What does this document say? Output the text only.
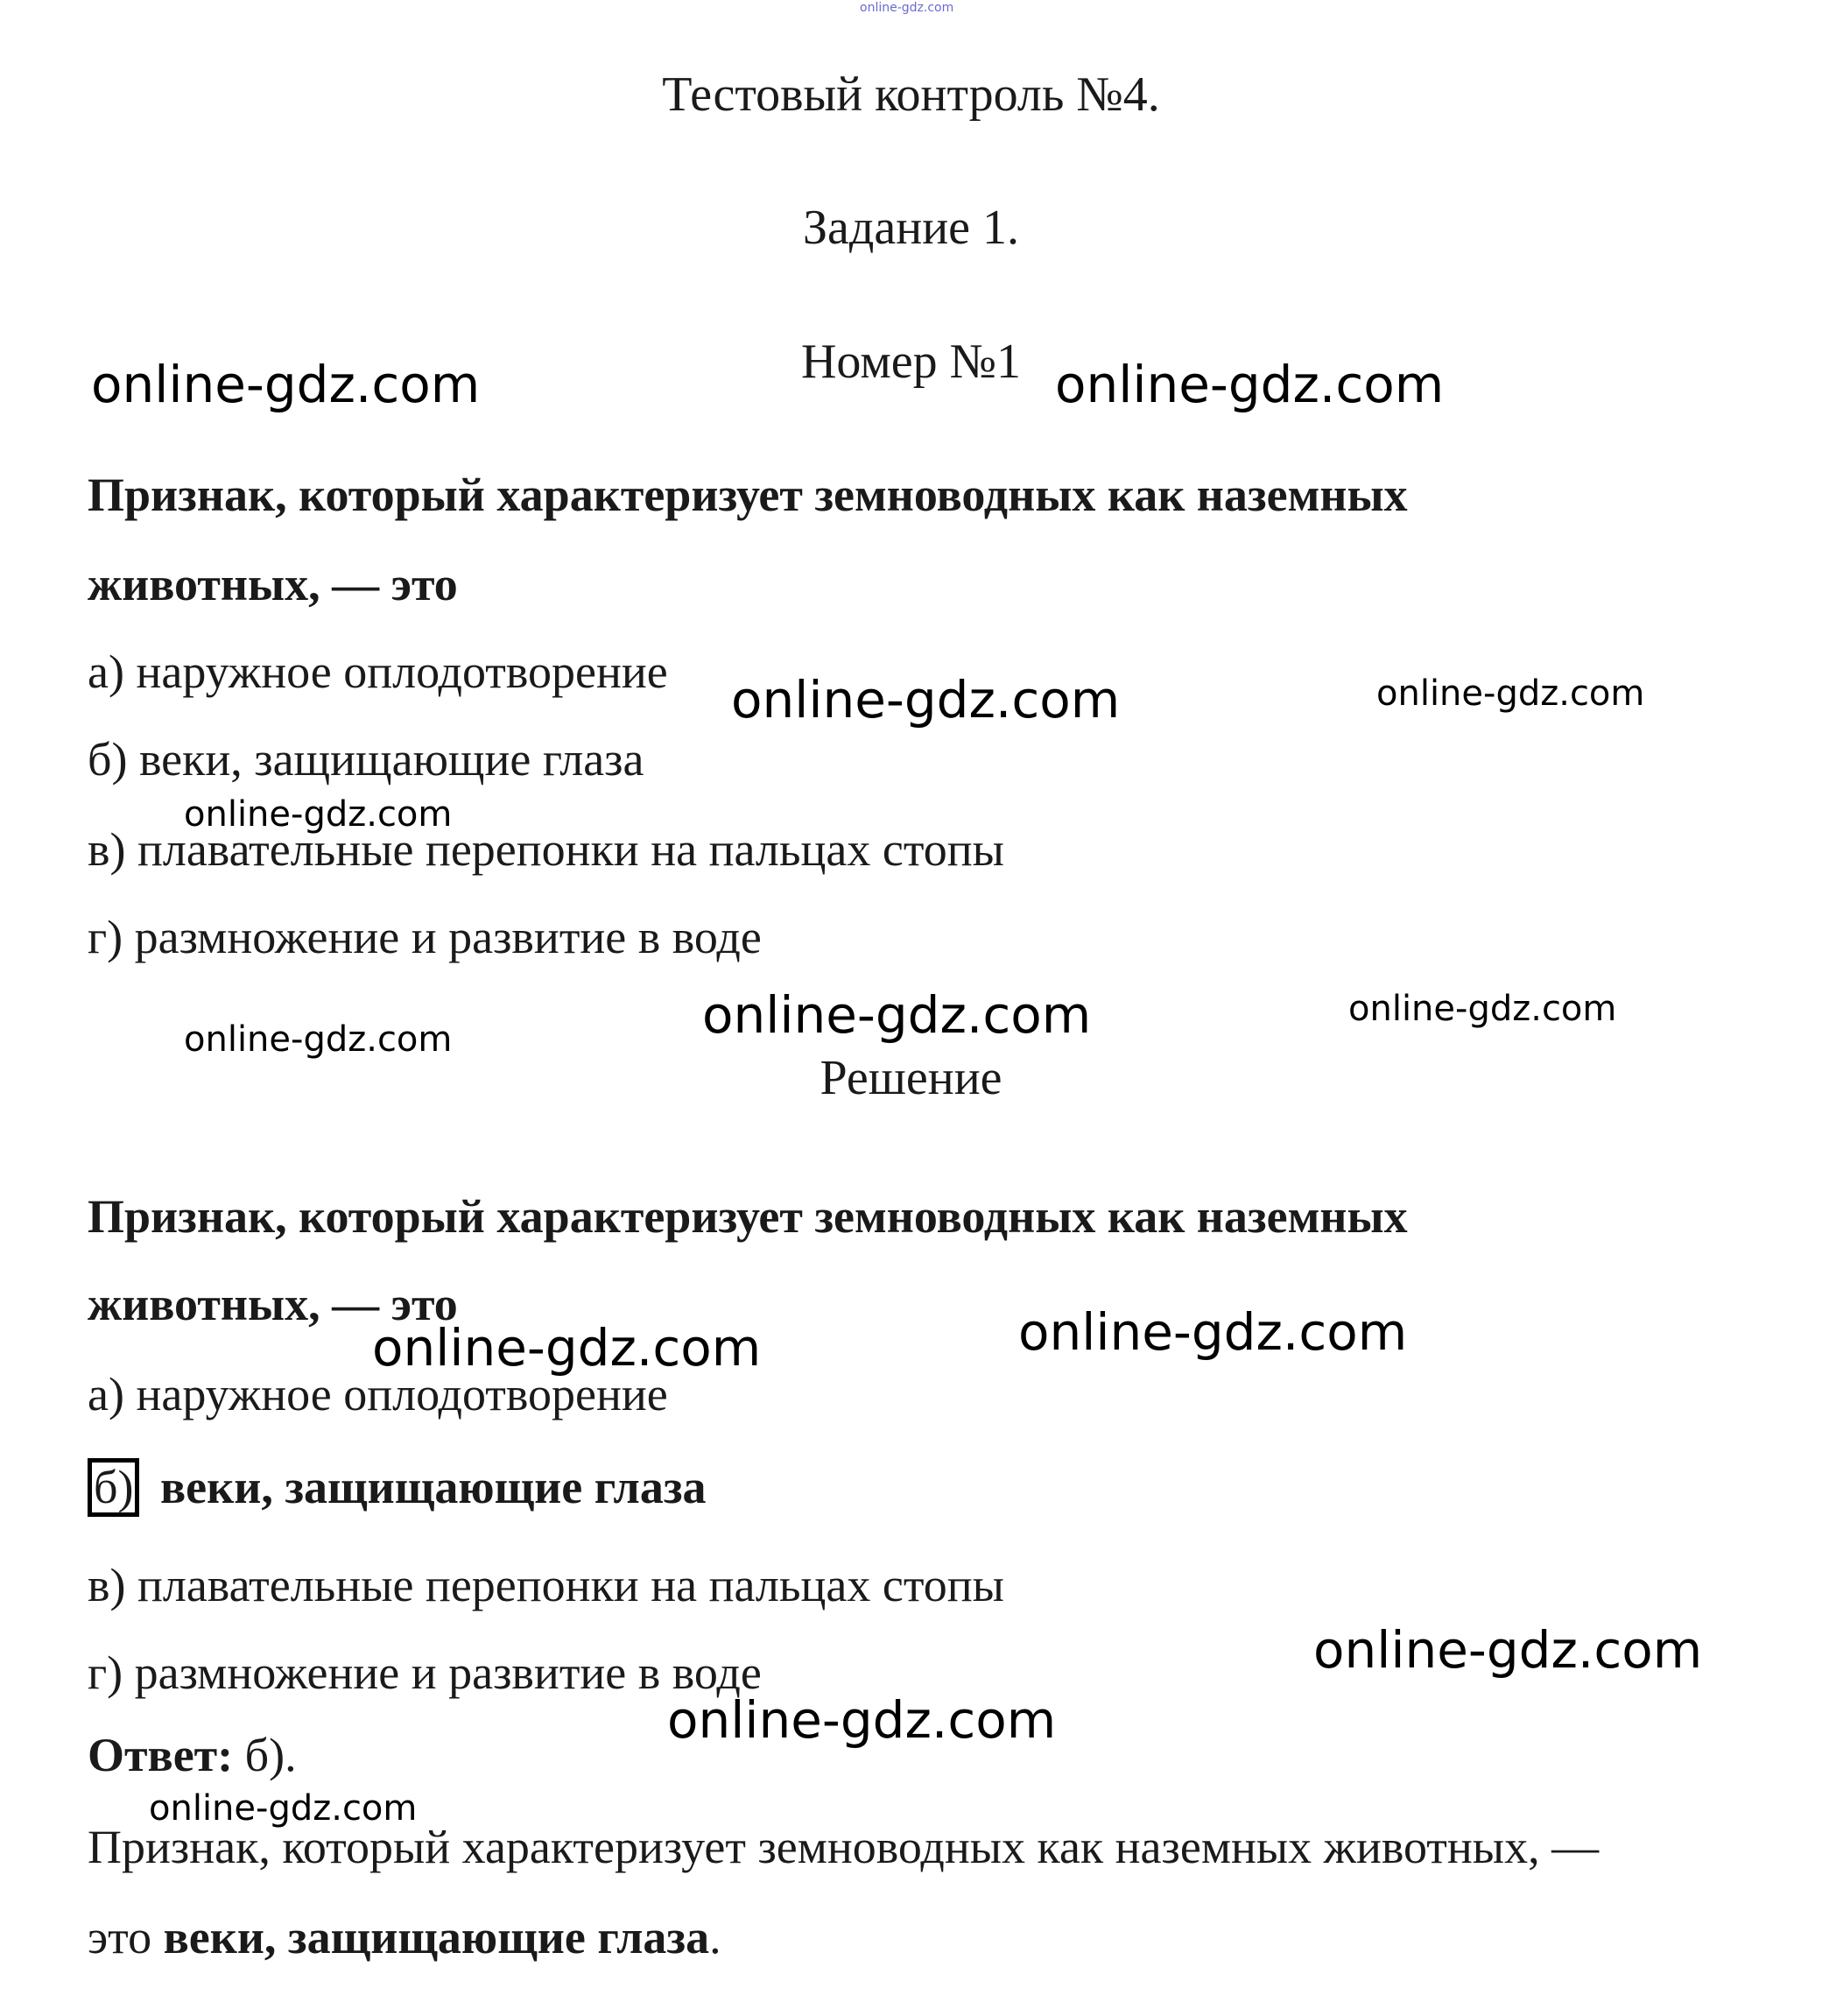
online-gdz.com
Тестовый контроль №4.
Задание 1.
Номер №1
Признак, который характеризует земноводных как наземных
животных, — это
а) наружное оплодотворение
б) веки, защищающие глаза
в) плавательные перепонки на пальцах стопы
г) размножение и развитие в воде
Решение
Признак, который характеризует земноводных как наземных
животных, — это
а) наружное оплодотворение
б) веки, защищающие глаза
в) плавательные перепонки на пальцах стопы
г) размножение и развитие в воде
Ответ: б).
Признак, который характеризует земноводных как наземных животных, —
это веки, защищающие глаза.
online-gdz.com	online-gdz.com
online-gdz.com	online-gdz.com
online-gdz.com
online-gdz.com	online-gdz.com
online-gdz.com
online-gdz.com
online-gdz.com
online-gdz.com
online-gdz.com
online-gdz.com
